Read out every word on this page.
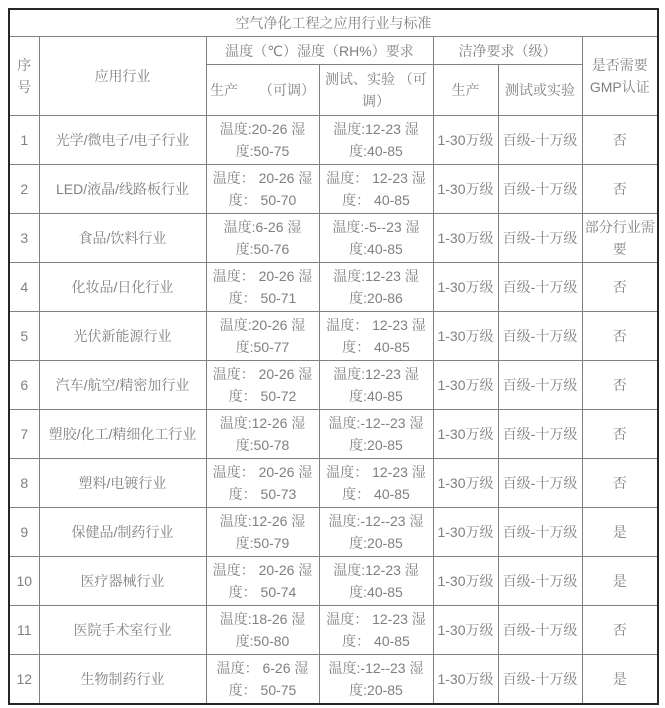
空气净化工程之应用行业与标准						
序号	应用行业	温度（℃）湿度（RH%）要求		洁净要求（级）		是否需要GMP认证
		生产　　（可调）	测试、实验 （可调）	生产	测试或实验	
1	光学/微电子/电子行业	温度:20-26 湿度:50-75	温度:12-23 湿度:40-85	1-30万级	百级-十万级	否
2	LED/液晶/线路板行业	温度： 20-26 湿度： 50-70	温度： 12-23 湿度： 40-85	1-30万级	百级-十万级	否
3	食品/饮料行业	温度:6-26 湿度:50-76	温度:-5--23 湿度:40-85	1-30万级	百级-十万级	部分行业需要
4	化妆品/日化行业	温度： 20-26 湿度： 50-71	温度:12-23 湿度:20-86	1-30万级	百级-十万级	否
5	光伏新能源行业	温度:20-26 湿度:50-77	温度： 12-23 湿度： 40-85	1-30万级	百级-十万级	否
6	汽车/航空/精密加行业	温度： 20-26 湿度： 50-72	温度:12-23 湿度:40-85	1-30万级	百级-十万级	否
7	塑胶/化工/精细化工行业	温度:12-26 湿度:50-78	温度:-12--23 湿度:20-85	1-30万级	百级-十万级	否
8	塑料/电镀行业	温度： 20-26 湿度： 50-73	温度： 12-23 湿度： 40-85	1-30万级	百级-十万级	否
9	保健品/制药行业	温度:12-26 湿度:50-79	温度:-12--23 湿度:20-85	1-30万级	百级-十万级	是
10	医疗器械行业	温度： 20-26 湿度： 50-74	温度:12-23 湿度:40-85	1-30万级	百级-十万级	是
11	医院手术室行业	温度:18-26 湿度:50-80	温度： 12-23 湿度： 40-85	1-30万级	百级-十万级	否
12	生物制药行业	温度： 6-26 湿度： 50-75	温度:-12--23 湿度:20-85	1-30万级	百级-十万级	是
